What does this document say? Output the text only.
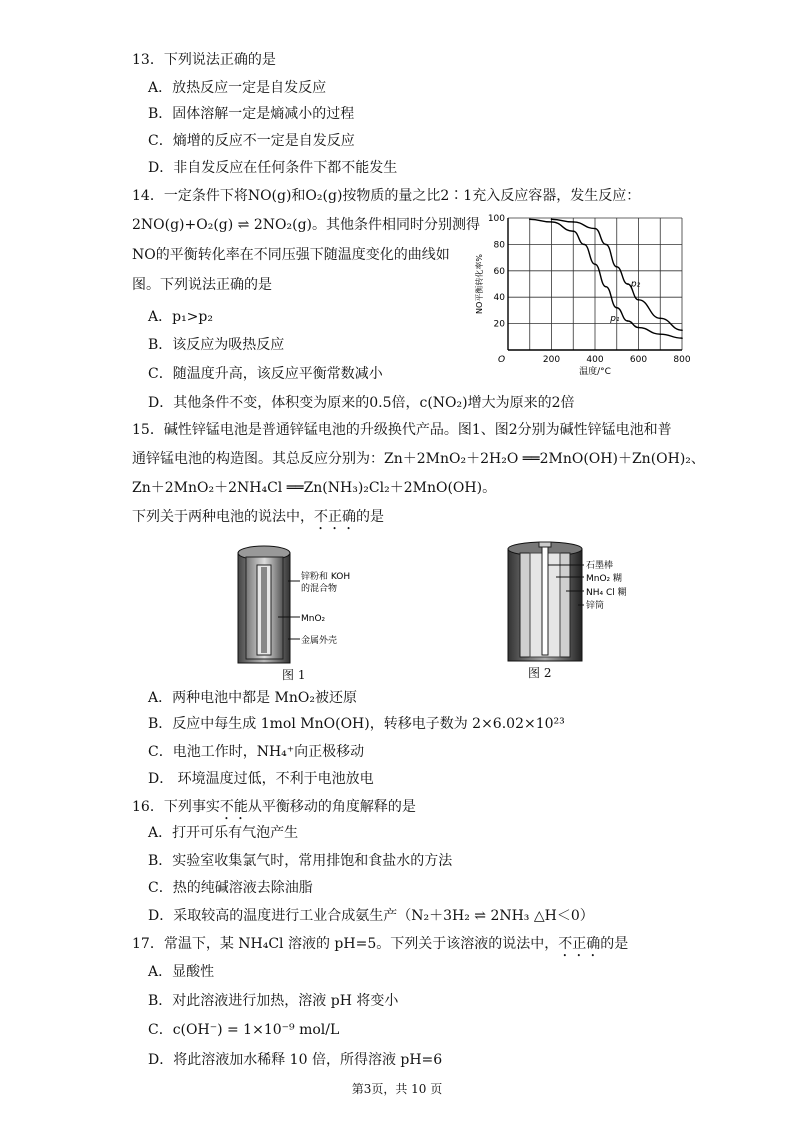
13．下列说法正确的是
A．放热反应一定是自发反应
B．固体溶解一定是熵减小的过程
C．熵增的反应不一定是自发反应
D．非自发反应在任何条件下都不能发生
14．一定条件下将NO(g)和O₂(g)按物质的量之比2∶1充入反应容器，发生反应：
2NO(g)+O₂(g) ⇌ 2NO₂(g)。其他条件相同时分别测得
NO的平衡转化率在不同压强下随温度变化的曲线如
图。下列说法正确的是
A．p₁>p₂
B．该反应为吸热反应
C．随温度升高，该反应平衡常数减小
D．其他条件不变，体积变为原来的0.5倍，c(NO₂)增大为原来的2倍
200	400	600	800
20
40
60
80
100
O
温度/°C
NO平衡转化率%
p₁
p₂
15．碱性锌锰电池是普通锌锰电池的升级换代产品。图1、图2分别为碱性锌锰电池和普
通锌锰电池的构造图。其总反应分别为：Zn＋2MnO₂＋2H₂O ══2MnO(OH)＋Zn(OH)₂、
Zn＋2MnO₂＋2NH₄Cl ══Zn(NH₃)₂Cl₂＋2MnO(OH)。
下列关于两种电池的说法中，不正确的是
锌粉和 KOH
的混合物
MnO₂
金属外壳
图 1
石墨棒
MnO₂ 糊
NH₄ Cl 糊
锌筒
图 2
A．两种电池中都是 MnO₂被还原
B．反应中每生成 1mol MnO(OH)，转移电子数为 2×6.02×10²³
C．电池工作时，NH₄⁺向正极移动
D． 环境温度过低，不利于电池放电
16．下列事实不能从平衡移动的角度解释的是
A．打开可乐有气泡产生
B．实验室收集氯气时，常用排饱和食盐水的方法
C．热的纯碱溶液去除油脂
D．采取较高的温度进行工业合成氨生产（N₂＋3H₂ ⇌ 2NH₃ △H＜0）
17．常温下，某 NH₄Cl 溶液的 pH=5。下列关于该溶液的说法中，不正确的是
A．显酸性
B．对此溶液进行加热，溶液 pH 将变小
C．c(OH⁻) = 1×10⁻⁹ mol/L
D．将此溶液加水稀释 10 倍，所得溶液 pH=6
第3页，共 10 页
